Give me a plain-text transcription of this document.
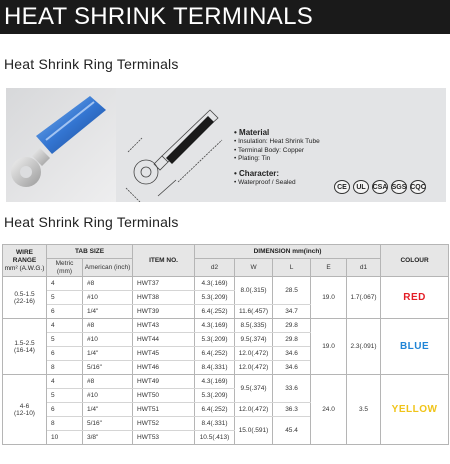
HEAT SHRINK TERMINALS
Heat Shrink Ring Terminals
• Material
• Insulation: Heat Shrink Tube
• Terminal Body: Copper
• Plating: Tin
• Character:
• Waterproof / Sealed
CE	UL CSA SGS CQC
Heat Shrink Ring Terminals
WIRE RANGE
mm² (A.W.G.)	TAB SIZE		ITEM NO.	DIMENSION mm(inch)					COLOUR
	Metric (mm)	American (inch)		d2	W	L	E	d1	

0.5-1.5
(22-16)	4	#8	HWT37	4.3(.169)	8.0(.315)	28.5	19.0	1.7(.067)	RED
	5	#10	HWT38	5.3(.209)					
	6	1/4"	HWT39	6.4(.252)	11.6(.457)	34.7			

1.5-2.5
(16-14)	4	#8	HWT43	4.3(.169)	8.5(.335)	29.8	19.0	2.3(.091)	BLUE
	5	#10	HWT44	5.3(.209)	9.5(.374)	29.8			
	6	1/4"	HWT45	6.4(.252)	12.0(.472)	34.6			
	8	5/16"	HWT46	8.4(.331)	12.0(.472)	34.6			

4-6
(12-10)	4	#8	HWT49	4.3(.169)	9.5(.374)	33.6	24.0	3.5	YELLOW
	5	#10	HWT50	5.3(.209)					
	6	1/4"	HWT51	6.4(.252)	12.0(.472)	36.3			
	8	5/16"	HWT52	8.4(.331)	15.0(.591)	45.4			
	10	3/8"	HWT53	10.5(.413)					
